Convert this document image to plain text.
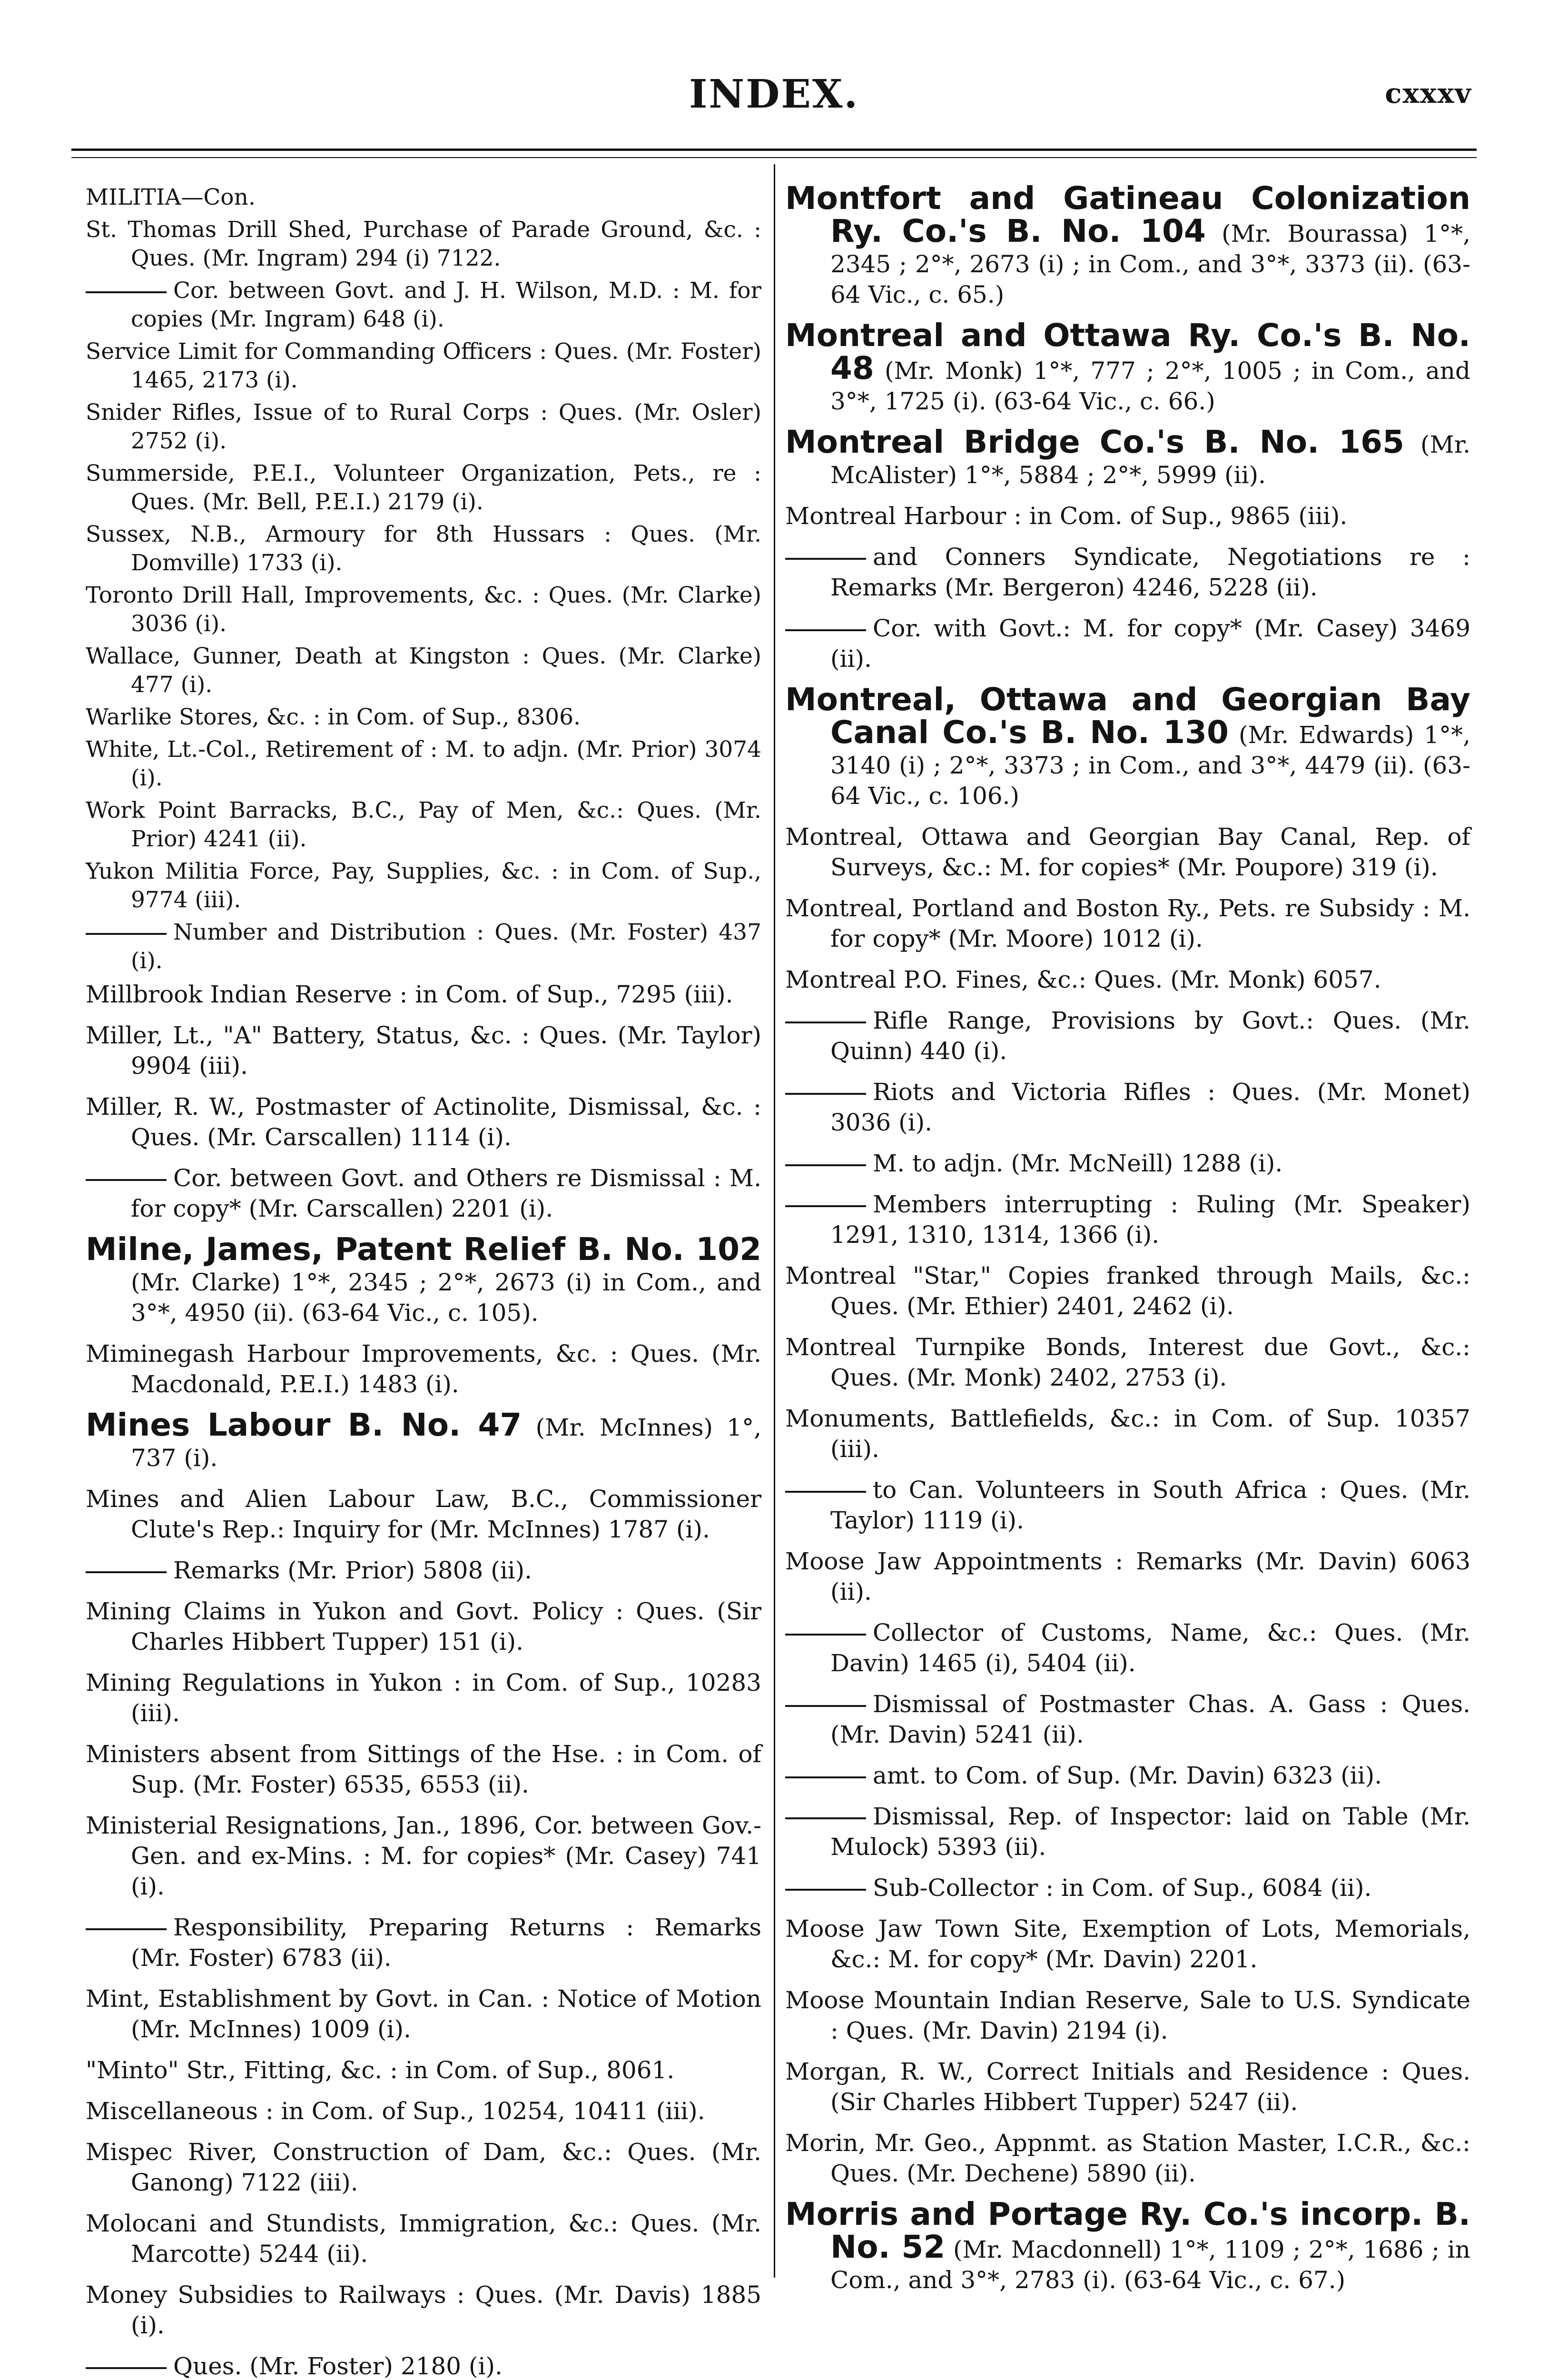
INDEX.	cxxxv
MILITIA—Con.
St. Thomas Drill Shed, Purchase of Parade Ground, &c. : Ques. (Mr. Ingram) 294 (i) 7122.
Cor. between Govt. and J. H. Wilson, M.D. : M. for copies (Mr. Ingram) 648 (i).
Service Limit for Commanding Officers : Ques. (Mr. Foster) 1465, 2173 (i).
Snider Rifles, Issue of to Rural Corps : Ques. (Mr. Osler) 2752 (i).
Summerside, P.E.I., Volunteer Organization, Pets., re : Ques. (Mr. Bell, P.E.I.) 2179 (i).
Sussex, N.B., Armoury for 8th Hussars : Ques. (Mr. Domville) 1733 (i).
Toronto Drill Hall, Improvements, &c. : Ques. (Mr. Clarke) 3036 (i).
Wallace, Gunner, Death at Kingston : Ques. (Mr. Clarke) 477 (i).
Warlike Stores, &c. : in Com. of Sup., 8306.
White, Lt.-Col., Retirement of : M. to adjn. (Mr. Prior) 3074 (i).
Work Point Barracks, B.C., Pay of Men, &c.: Ques. (Mr. Prior) 4241 (ii).
Yukon Militia Force, Pay, Supplies, &c. : in Com. of Sup., 9774 (iii).
Number and Distribution : Ques. (Mr. Foster) 437 (i).
Millbrook Indian Reserve : in Com. of Sup., 7295 (iii).
Miller, Lt., "A" Battery, Status, &c. : Ques. (Mr. Taylor) 9904 (iii).
Miller, R. W., Postmaster of Actinolite, Dismissal, &c. : Ques. (Mr. Carscallen) 1114 (i).
Cor. between Govt. and Others re Dismissal : M. for copy* (Mr. Carscallen) 2201 (i).
Milne, James, Patent Relief B. No. 102 (Mr. Clarke) 1°*, 2345 ; 2°*, 2673 (i) in Com., and 3°*, 4950 (ii). (63-64 Vic., c. 105).
Miminegash Harbour Improvements, &c. : Ques. (Mr. Macdonald, P.E.I.) 1483 (i).
Mines Labour B. No. 47 (Mr. McInnes) 1°, 737 (i).
Mines and Alien Labour Law, B.C., Commissioner Clute's Rep.: Inquiry for (Mr. McInnes) 1787 (i).
Remarks (Mr. Prior) 5808 (ii).
Mining Claims in Yukon and Govt. Policy : Ques. (Sir Charles Hibbert Tupper) 151 (i).
Mining Regulations in Yukon : in Com. of Sup., 10283 (iii).
Ministers absent from Sittings of the Hse. : in Com. of Sup. (Mr. Foster) 6535, 6553 (ii).
Ministerial Resignations, Jan., 1896, Cor. between Gov.-Gen. and ex-Mins. : M. for copies* (Mr. Casey) 741 (i).
Responsibility, Preparing Returns : Remarks (Mr. Foster) 6783 (ii).
Mint, Establishment by Govt. in Can. : Notice of Motion (Mr. McInnes) 1009 (i).
"Minto" Str., Fitting, &c. : in Com. of Sup., 8061.
Miscellaneous : in Com. of Sup., 10254, 10411 (iii).
Mispec River, Construction of Dam, &c.: Ques. (Mr. Ganong) 7122 (iii).
Molocani and Stundists, Immigration, &c.: Ques. (Mr. Marcotte) 5244 (ii).
Money Subsidies to Railways : Ques. (Mr. Davis) 1885 (i).
Ques. (Mr. Foster) 2180 (i).
Montfort and Gatineau Colonization Ry. Co.'s B. No. 104 (Mr. Bourassa) 1°*, 2345 ; 2°*, 2673 (i) ; in Com., and 3°*, 3373 (ii). (63-64 Vic., c. 65.)
Montreal and Ottawa Ry. Co.'s B. No. 48 (Mr. Monk) 1°*, 777 ; 2°*, 1005 ; in Com., and 3°*, 1725 (i). (63-64 Vic., c. 66.)
Montreal Bridge Co.'s B. No. 165 (Mr. McAlister) 1°*, 5884 ; 2°*, 5999 (ii).
Montreal Harbour : in Com. of Sup., 9865 (iii).
and Conners Syndicate, Negotiations re : Remarks (Mr. Bergeron) 4246, 5228 (ii).
Cor. with Govt.: M. for copy* (Mr. Casey) 3469 (ii).
Montreal, Ottawa and Georgian Bay Canal Co.'s B. No. 130 (Mr. Edwards) 1°*, 3140 (i) ; 2°*, 3373 ; in Com., and 3°*, 4479 (ii). (63-64 Vic., c. 106.)
Montreal, Ottawa and Georgian Bay Canal, Rep. of Surveys, &c.: M. for copies* (Mr. Poupore) 319 (i).
Montreal, Portland and Boston Ry., Pets. re Subsidy : M. for copy* (Mr. Moore) 1012 (i).
Montreal P.O. Fines, &c.: Ques. (Mr. Monk) 6057.
Rifle Range, Provisions by Govt.: Ques. (Mr. Quinn) 440 (i).
Riots and Victoria Rifles : Ques. (Mr. Monet) 3036 (i).
M. to adjn. (Mr. McNeill) 1288 (i).
Members interrupting : Ruling (Mr. Speaker) 1291, 1310, 1314, 1366 (i).
Montreal "Star," Copies franked through Mails, &c.: Ques. (Mr. Ethier) 2401, 2462 (i).
Montreal Turnpike Bonds, Interest due Govt., &c.: Ques. (Mr. Monk) 2402, 2753 (i).
Monuments, Battlefields, &c.: in Com. of Sup. 10357 (iii).
to Can. Volunteers in South Africa : Ques. (Mr. Taylor) 1119 (i).
Moose Jaw Appointments : Remarks (Mr. Davin) 6063 (ii).
Collector of Customs, Name, &c.: Ques. (Mr. Davin) 1465 (i), 5404 (ii).
Dismissal of Postmaster Chas. A. Gass : Ques. (Mr. Davin) 5241 (ii).
amt. to Com. of Sup. (Mr. Davin) 6323 (ii).
Dismissal, Rep. of Inspector: laid on Table (Mr. Mulock) 5393 (ii).
Sub-Collector : in Com. of Sup., 6084 (ii).
Moose Jaw Town Site, Exemption of Lots, Memorials, &c.: M. for copy* (Mr. Davin) 2201.
Moose Mountain Indian Reserve, Sale to U.S. Syndicate : Ques. (Mr. Davin) 2194 (i).
Morgan, R. W., Correct Initials and Residence : Ques. (Sir Charles Hibbert Tupper) 5247 (ii).
Morin, Mr. Geo., Appnmt. as Station Master, I.C.R., &c.: Ques. (Mr. Dechene) 5890 (ii).
Morris and Portage Ry. Co.'s incorp. B. No. 52 (Mr. Macdonnell) 1°*, 1109 ; 2°*, 1686 ; in Com., and 3°*, 2783 (i). (63-64 Vic., c. 67.)
